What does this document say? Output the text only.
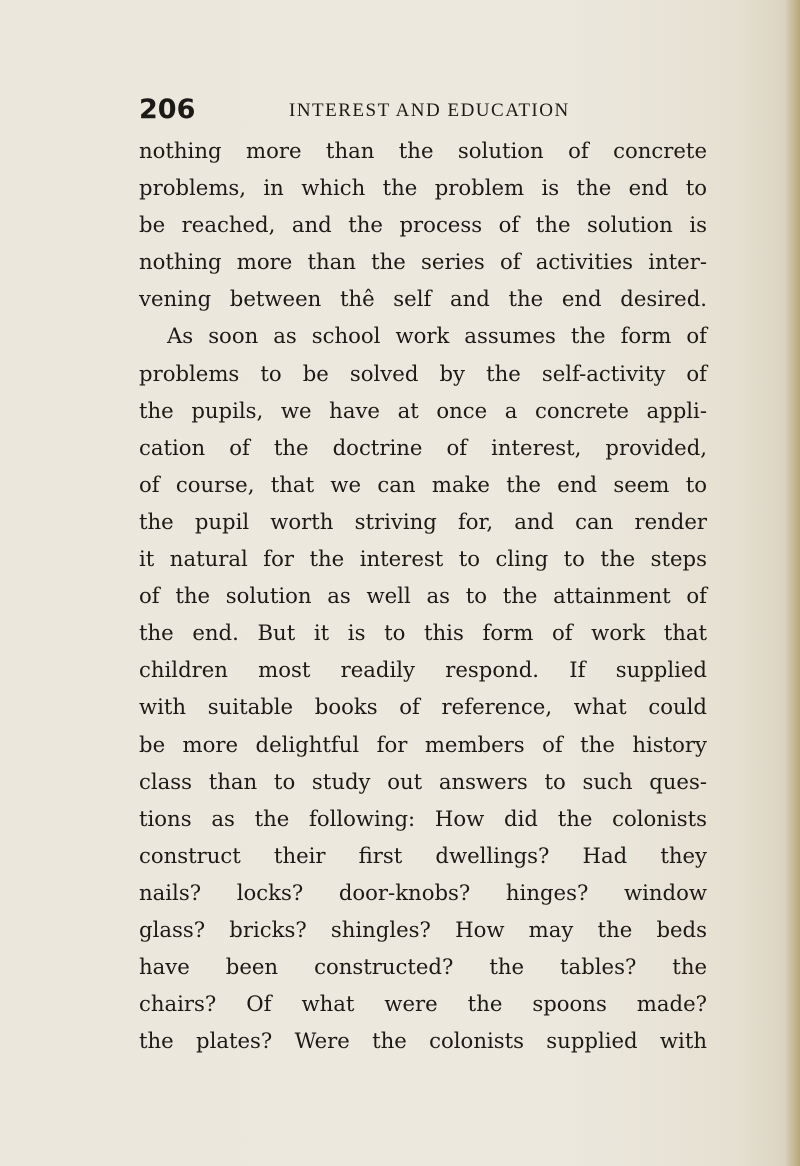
206	INTEREST AND EDUCATION
nothing more than the solution of concrete
problems, in which the problem is the end to
be reached, and the process of the solution is
nothing more than the series of activities inter-
vening between thê self and the end desired.
As soon as school work assumes the form of
problems to be solved by the self-activity of
the pupils, we have at once a concrete appli-
cation of the doctrine of interest, provided,
of course, that we can make the end seem to
the pupil worth striving for, and can render
it natural for the interest to cling to the steps
of the solution as well as to the attainment of
the end. But it is to this form of work that
children most readily respond. If supplied
with suitable books of reference, what could
be more delightful for members of the history
class than to study out answers to such ques-
tions as the following: How did the colonists
construct their first dwellings? Had they
nails? locks? door-knobs? hinges? window
glass? bricks? shingles? How may the beds
have been constructed? the tables? the
chairs? Of what were the spoons made?
the plates? Were the colonists supplied with
